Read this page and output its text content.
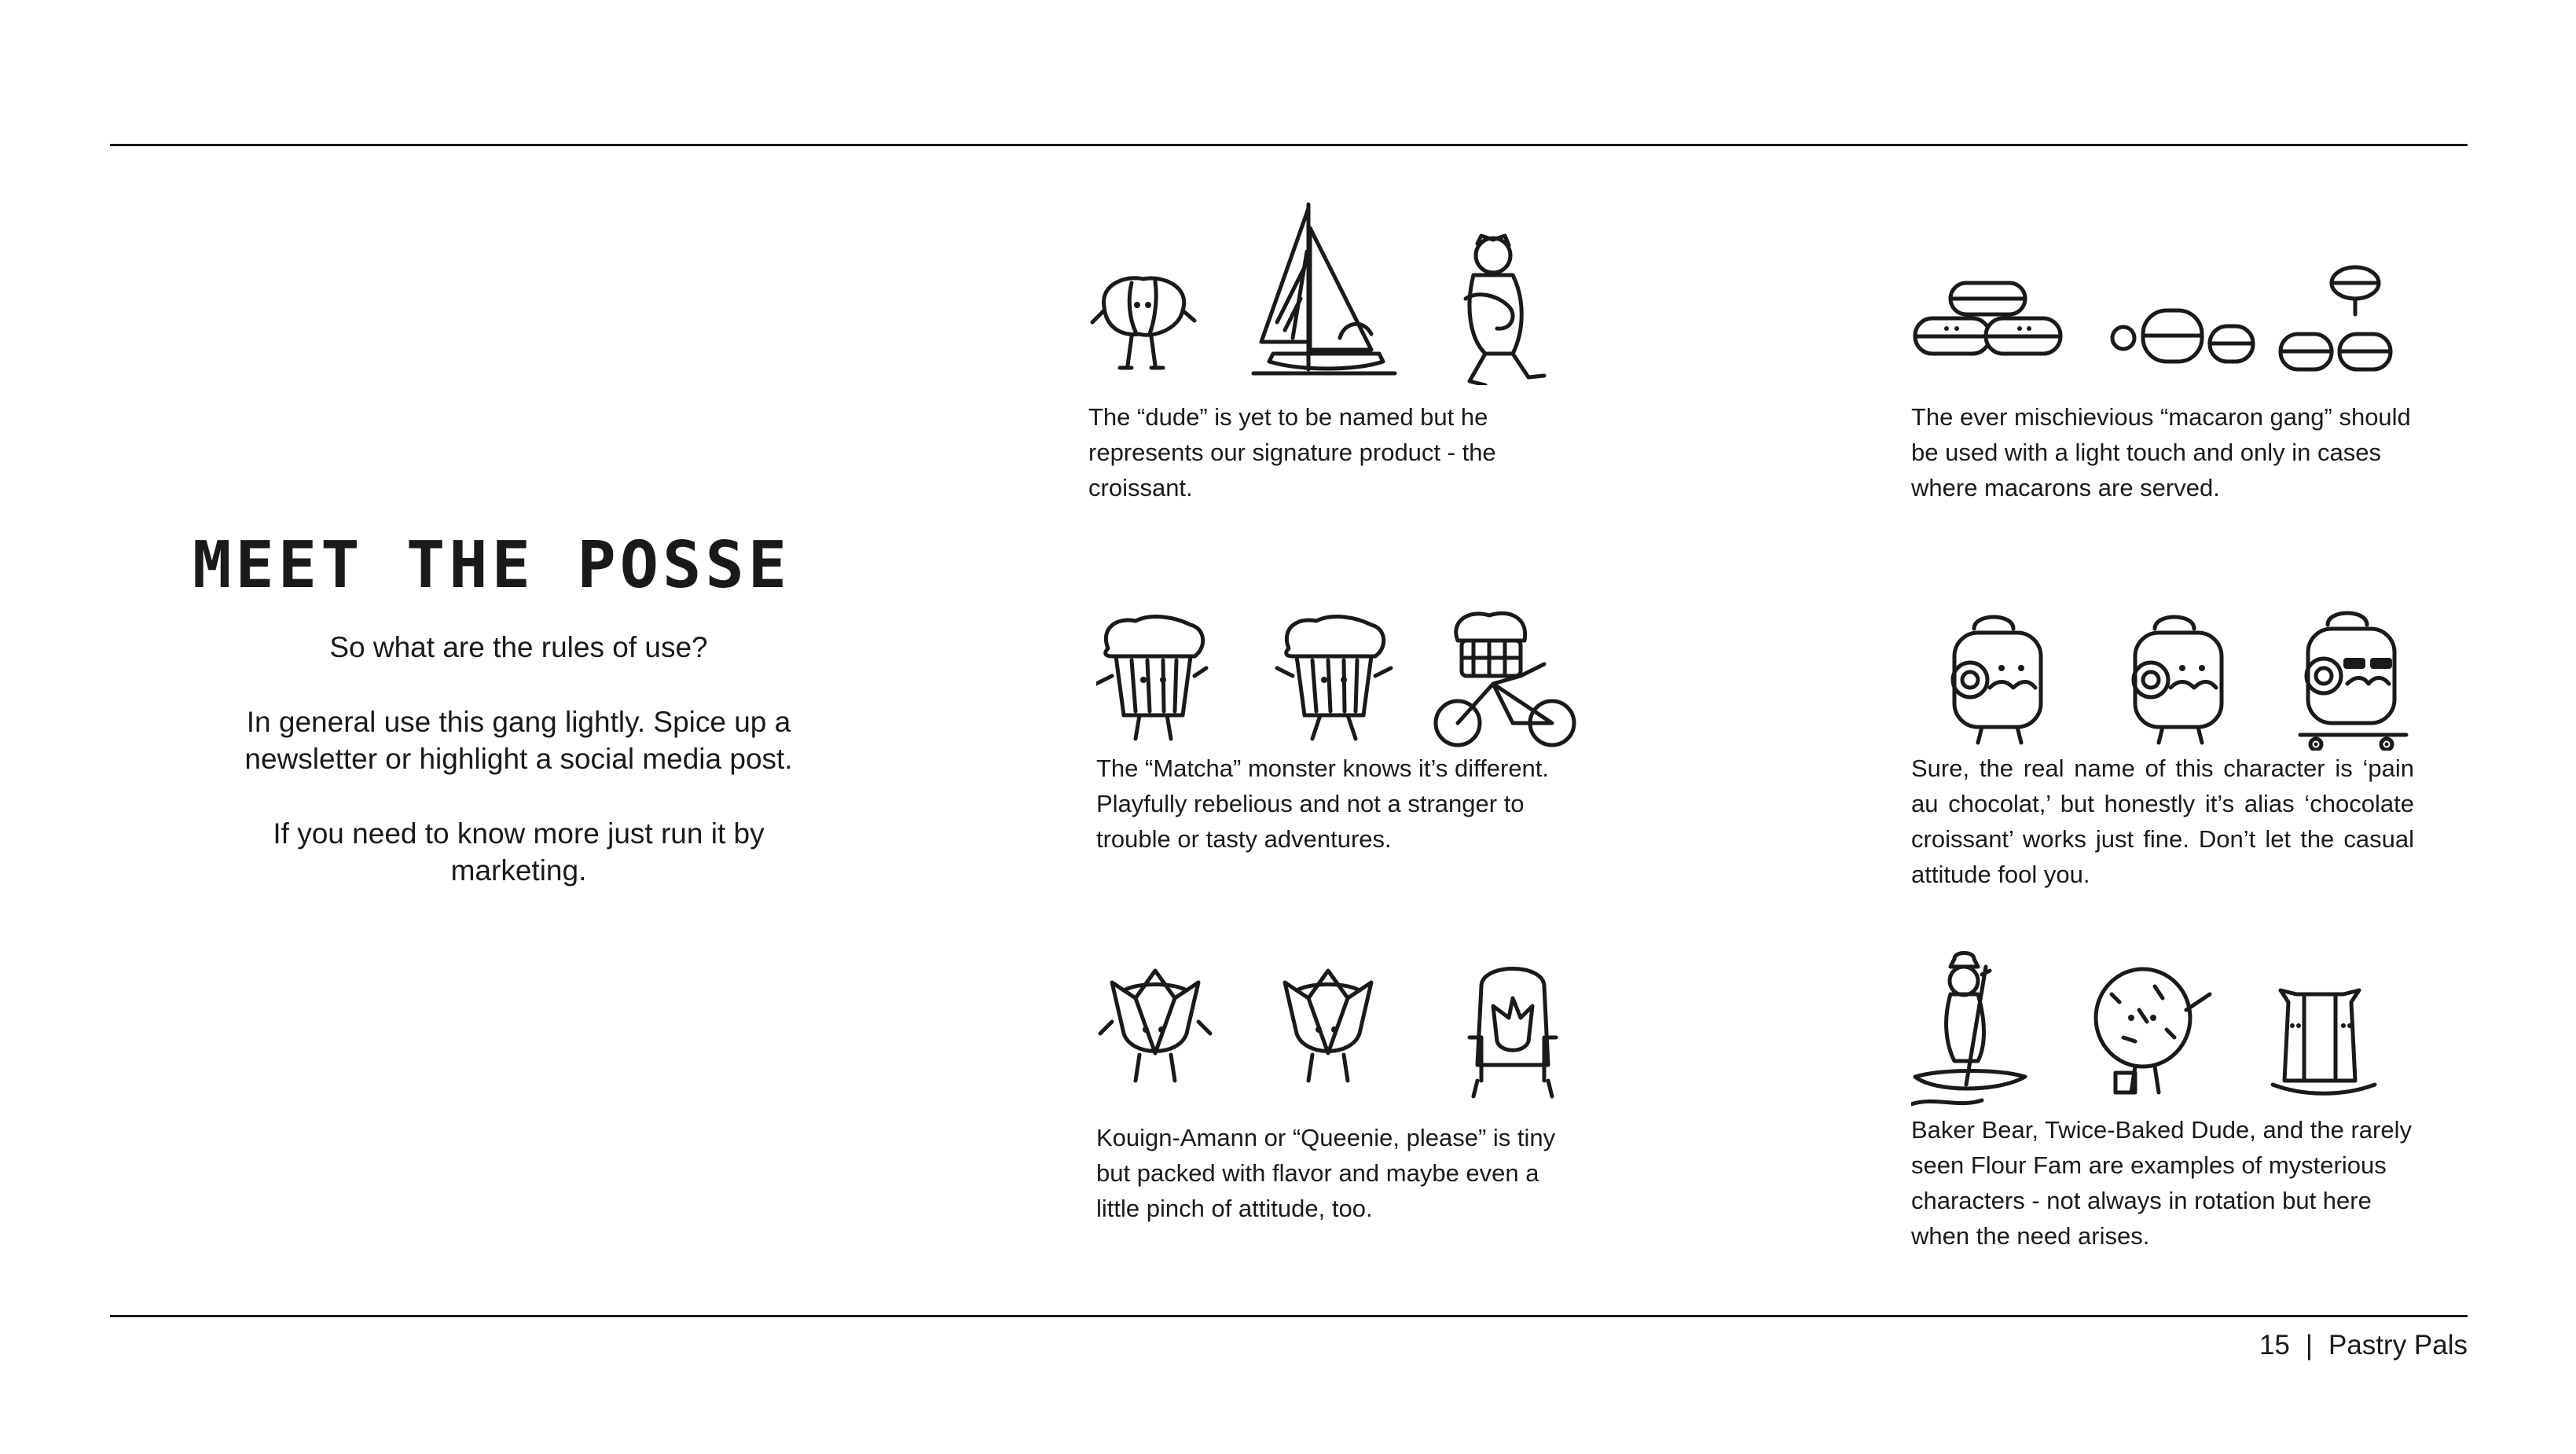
MEET THE POSSE

So what are the rules of use?

In general use this gang lightly. Spice up a newsletter or highlight a social media post.

If you need to know more just run it by marketing.

The “dude” is yet to be named but he represents our signature product - the croissant.

The ever mischievious “macaron gang” should be used with a light touch and only in cases where macarons are served.

The “Matcha” monster knows it’s different. Playfully rebelious and not a stranger to trouble or tasty adventures.

Sure, the real name of this character is ‘pain au chocolat,’ but honestly it’s alias ‘chocolate croissant’ works just fine. Don’t let the casual attitude fool you.

Kouign-Amann or “Queenie, please” is tiny but packed with flavor and maybe even a little pinch of attitude, too.

Baker Bear, Twice-Baked Dude, and the rarely seen Flour Fam are examples of mysterious characters - not always in rotation but here when the need arises.

15 | Pastry Pals
